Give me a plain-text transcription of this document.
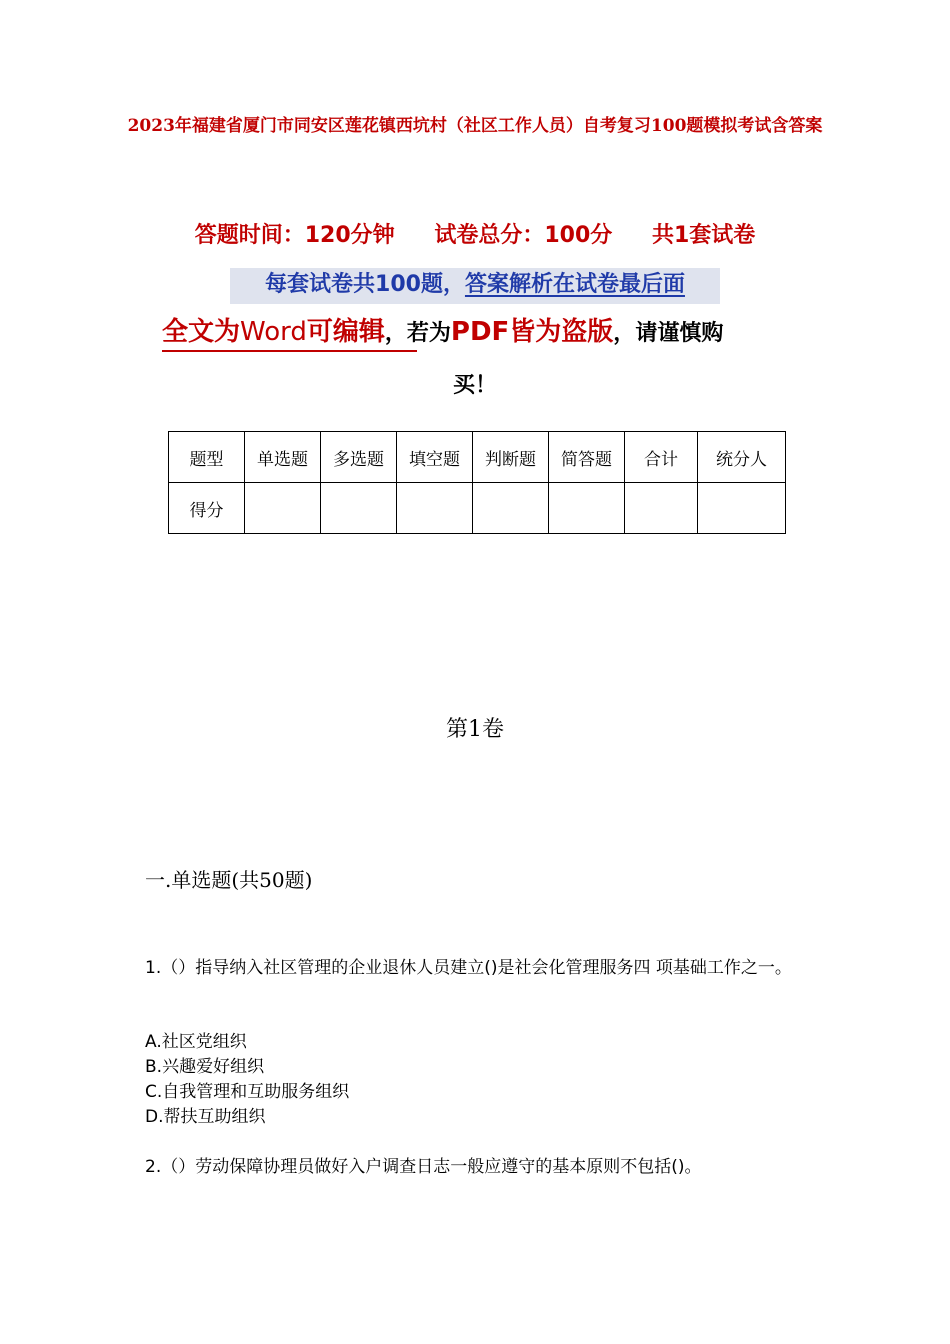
2023年福建省厦门市同安区莲花镇西坑村（社区工作人员）自考复习100题模拟考试含答案
答题时间：120分钟 试卷总分：100分 共1套试卷
每套试卷共100题，答案解析在试卷最后面
全文为Word可编辑，若为PDF皆为盗版，请谨慎购
买！
题型	单选题	多选题	填空题	判断题	简答题	合计	统分人
得分							
第1卷
一.单选题(共50题)
1.（）指导纳入社区管理的企业退休人员建立()是社会化管理服务四 项基础工作之一。
A.社区党组织
B.兴趣爱好组织
C.自我管理和互助服务组织
D.帮扶互助组织
2.（）劳动保障协理员做好入户调查日志一般应遵守的基本原则不包括()。
